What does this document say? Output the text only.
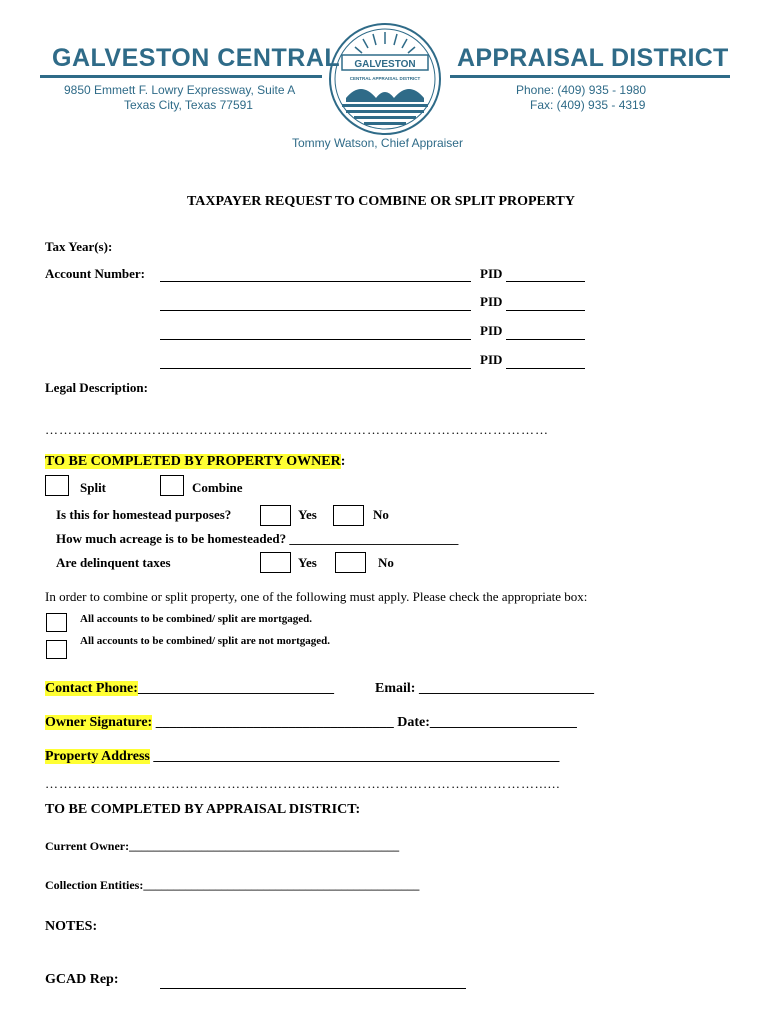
GALVESTON CENTRAL	APPRAISAL DISTRICT
9850 Emmett F. Lowry Expressway, Suite A
Texas City, Texas 77591
Phone: (409) 935 - 1980
Fax: (409) 935 - 4319
GALVESTON
CENTRAL APPRAISAL DISTRICT
Tommy Watson, Chief Appraiser
TAXPAYER REQUEST TO COMBINE OR SPLIT PROPERTY
Tax Year(s):
Account Number:	PID
PID
PID
PID
Legal Description:
………………………………………………………………………………………………
TO BE COMPLETED BY PROPERTY OWNER:
Split	Combine
Is this for homestead purposes?	Yes	No
How much acreage is to be homesteaded? __________________________
Are delinquent taxes	Yes	No
In order to combine or split property, one of the following must apply. Please check the appropriate box:
All accounts to be combined/ split are mortgaged.
All accounts to be combined/ split are not mortgaged.
Contact Phone:____________________________	Email: _________________________
Owner Signature: __________________________________ Date:_____________________
Property Address __________________________________________________________
……………………………………………………………………………………………......
TO BE COMPLETED BY APPRAISAL DISTRICT:
Current Owner:_____________________________________________
Collection Entities:______________________________________________
NOTES:
GCAD Rep:
